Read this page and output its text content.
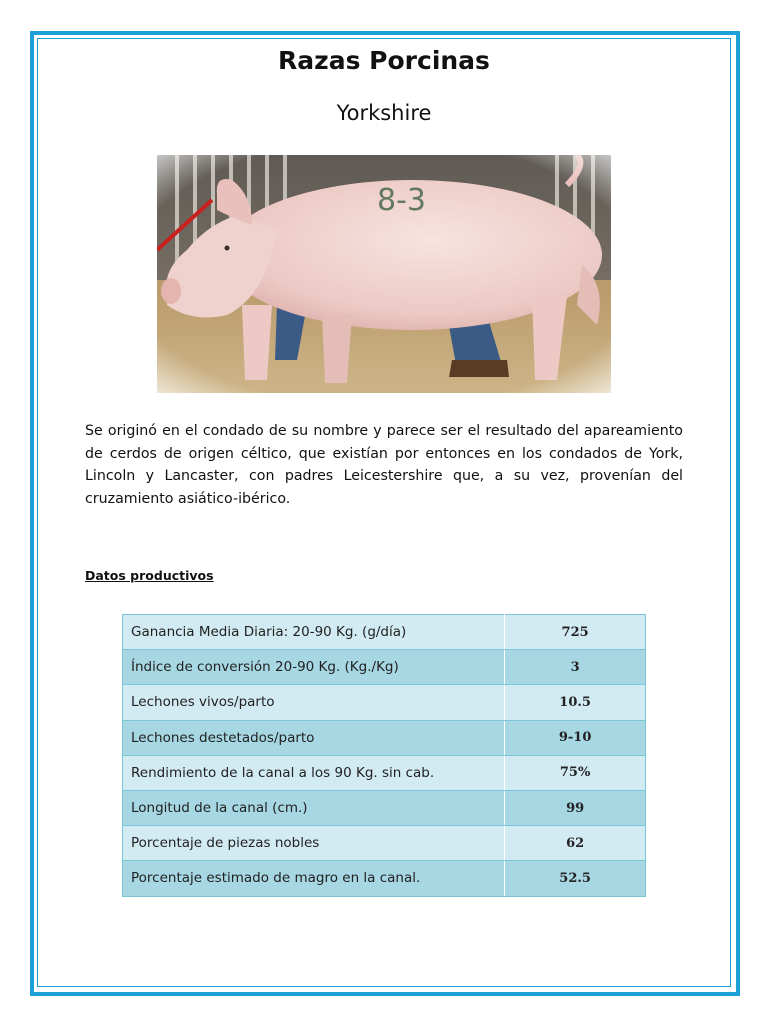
Razas Porcinas
Yorkshire
Se originó en el condado de su nombre y parece ser el resultado del apareamiento de cerdos de origen céltico, que existían por entonces en los condados de York, Lincoln y Lancaster, con padres Leicestershire que, a su vez, provenían del cruzamiento asiático-ibérico.
Datos productivos
Ganancia Media Diaria: 20-90 Kg. (g/día)	725
Índice de conversión 20-90 Kg. (Kg./Kg)	3
Lechones vivos/parto	10.5
Lechones destetados/parto	9-10
Rendimiento de la canal a los 90 Kg. sin cab.	75%
Longitud de la canal (cm.)	99
Porcentaje de piezas nobles	62
Porcentaje estimado de magro en la canal.	52.5
